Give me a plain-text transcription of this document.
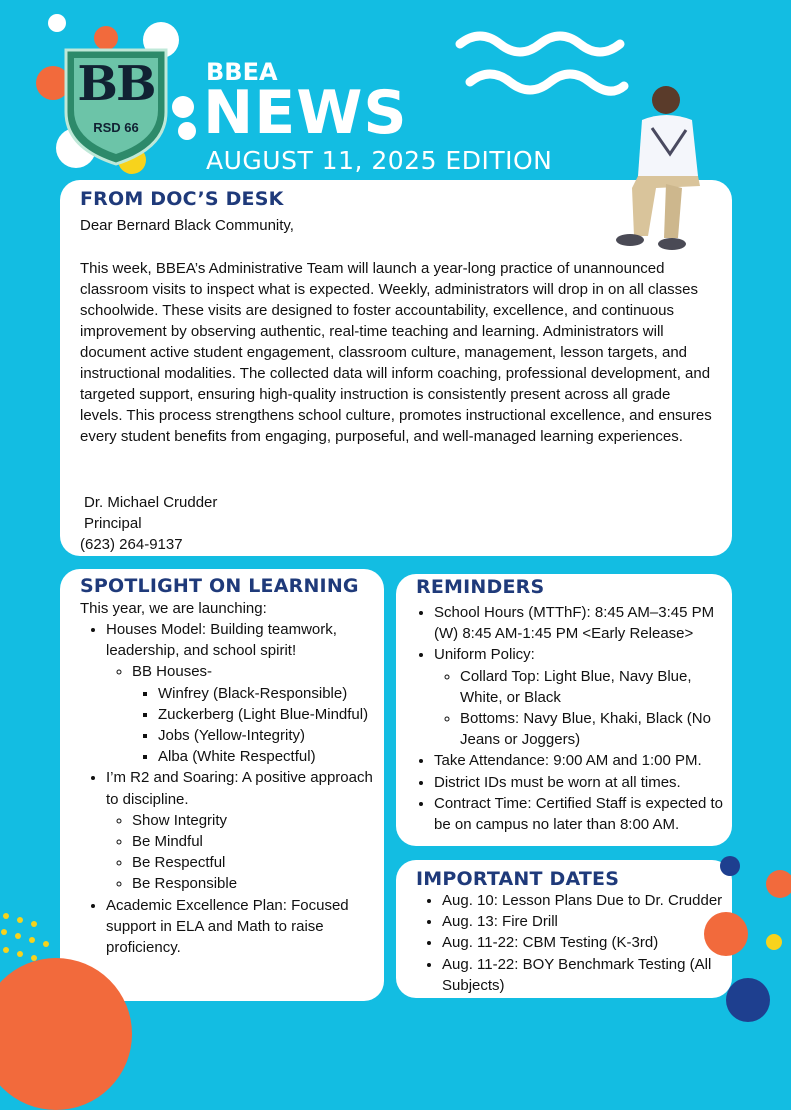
BB
RSD 66
BBEA
NEWS
AUGUST 11, 2025 EDITION
FROM DOC’S DESK
Dear Bernard Black Community,
This week, BBEA’s Administrative Team will launch a year-long practice of unannounced classroom visits to inspect what is expected. Weekly, administrators will drop in on all classes schoolwide. These visits are designed to foster accountability, excellence, and continuous improvement by observing authentic, real-time teaching and learning. Administrators will document active student engagement, classroom culture, management, lesson targets, and instructional modalities. The collected data will inform coaching, professional development, and targeted support, ensuring high-quality instruction is consistently present across all grade levels. This process strengthens school culture, promotes instructional excellence, and ensures every student benefits from engaging, purposeful, and well-managed learning experiences.
Dr. Michael Crudder
Principal
(623) 264-9137
SPOTLIGHT ON LEARNING
This year, we are launching:
• Houses Model: Building teamwork, leadership, and school spirit!
◦ BB Houses-
▪ Winfrey (Black-Responsible)
▪ Zuckerberg (Light Blue-Mindful)
▪ Jobs (Yellow-Integrity)
▪ Alba (White Respectful)
• I’m R2 and Soaring: A positive approach to discipline.
◦ Show Integrity
◦ Be Mindful
◦ Be Respectful
◦ Be Responsible
• Academic Excellence Plan: Focused support in ELA and Math to raise proficiency.
REMINDERS
• School Hours (MTThF): 8:45 AM–3:45 PM (W) 8:45 AM-1:45 PM <Early Release>
• Uniform Policy:
◦ Collard Top: Light Blue, Navy Blue, White, or Black
◦ Bottoms: Navy Blue, Khaki, Black (No Jeans or Joggers)
• Take Attendance: 9:00 AM and 1:00 PM.
• District IDs must be worn at all times.
• Contract Time: Certified Staff is expected to be on campus no later than 8:00 AM.
IMPORTANT DATES
• Aug. 10: Lesson Plans Due to Dr. Crudder
• Aug. 13: Fire Drill
• Aug. 11-22: CBM Testing (K-3rd)
• Aug. 11-22: BOY Benchmark Testing (All Subjects)
